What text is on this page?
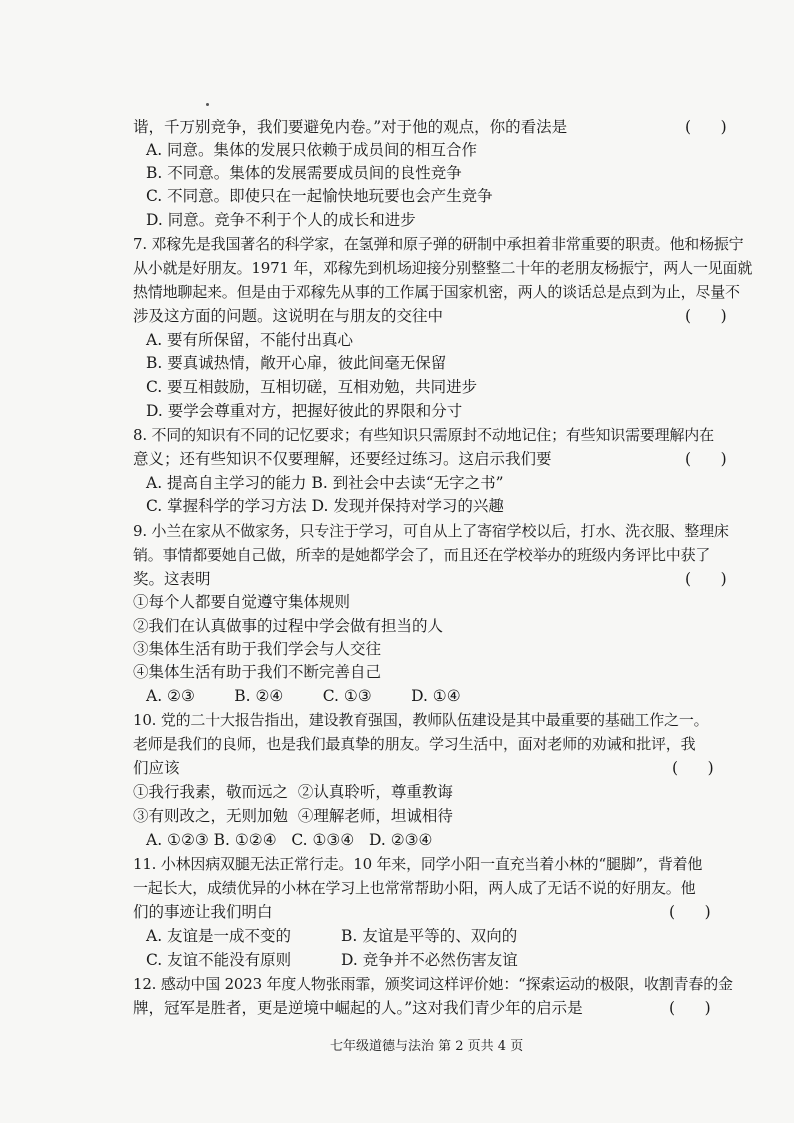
谐，千万别竞争，我们要避免内卷。”对于他的观点，你的看法是	(      )
A. 同意。集体的发展只依赖于成员间的相互合作
B. 不同意。集体的发展需要成员间的良性竞争
C. 不同意。即使只在一起愉快地玩要也会产生竞争
D. 同意。竞争不利于个人的成长和进步
7. 邓稼先是我国著名的科学家，在氢弹和原子弹的研制中承担着非常重要的职责。他和杨振宁
从小就是好朋友。1971 年，邓稼先到机场迎接分别整整二十年的老朋友杨振宁，两人一见面就
热情地聊起来。但是由于邓稼先从事的工作属于国家机密，两人的谈话总是点到为止，尽量不
涉及这方面的问题。这说明在与朋友的交往中	(      )
A. 要有所保留，不能付出真心
B. 要真诚热情，敞开心扉，彼此间毫无保留
C. 要互相鼓励，互相切磋，互相劝勉，共同进步
D. 要学会尊重对方，把握好彼此的界限和分寸
8. 不同的知识有不同的记忆要求；有些知识只需原封不动地记住；有些知识需要理解内在
意义；还有些知识不仅要理解，还要经过练习。这启示我们要	(      )
A. 提高自主学习的能力 B. 到社会中去读“无字之书”
C. 掌握科学的学习方法 D. 发现并保持对学习的兴趣
9. 小兰在家从不做家务，只专注于学习，可自从上了寄宿学校以后，打水、洗衣服、整理床
销。事情都要她自己做，所幸的是她都学会了，而且还在学校举办的班级内务评比中获了
奖。这表明	(      )
①每个人都要自觉遵守集体规则
②我们在认真做事的过程中学会做有担当的人
③集体生活有助于我们学会与人交往
④集体生活有助于我们不断完善自己
A. ②③        B. ②④        C. ①③        D. ①④
10. 党的二十大报告指出，建设教育强国，教师队伍建设是其中最重要的基础工作之一。
老师是我们的良师，也是我们最真挚的朋友。学习生活中，面对老师的劝诫和批评，我
们应该	(      )
①我行我素，敬而远之  ②认真聆听，尊重教诲
③有则改之，无则加勉  ④理解老师，坦诚相待
A. ①②③ B. ①②④   C. ①③④   D. ②③④
11. 小林因病双腿无法正常行走。10 年来，同学小阳一直充当着小林的“腿脚”，背着他
一起长大，成绩优异的小林在学习上也常常帮助小阳，两人成了无话不说的好朋友。他
们的事迹让我们明白	(      )
A. 友谊是一成不变的	B. 友谊是平等的、双向的
C. 友谊不能没有原则	D. 竞争并不必然伤害友谊
12. 感动中国 2023 年度人物张雨霏，颁奖词这样评价她：“探索运动的极限，收割青春的金
牌，冠军是胜者，更是逆境中崛起的人。”这对我们青少年的启示是	(      )
七年级道德与法治 第 2 页共 4 页
